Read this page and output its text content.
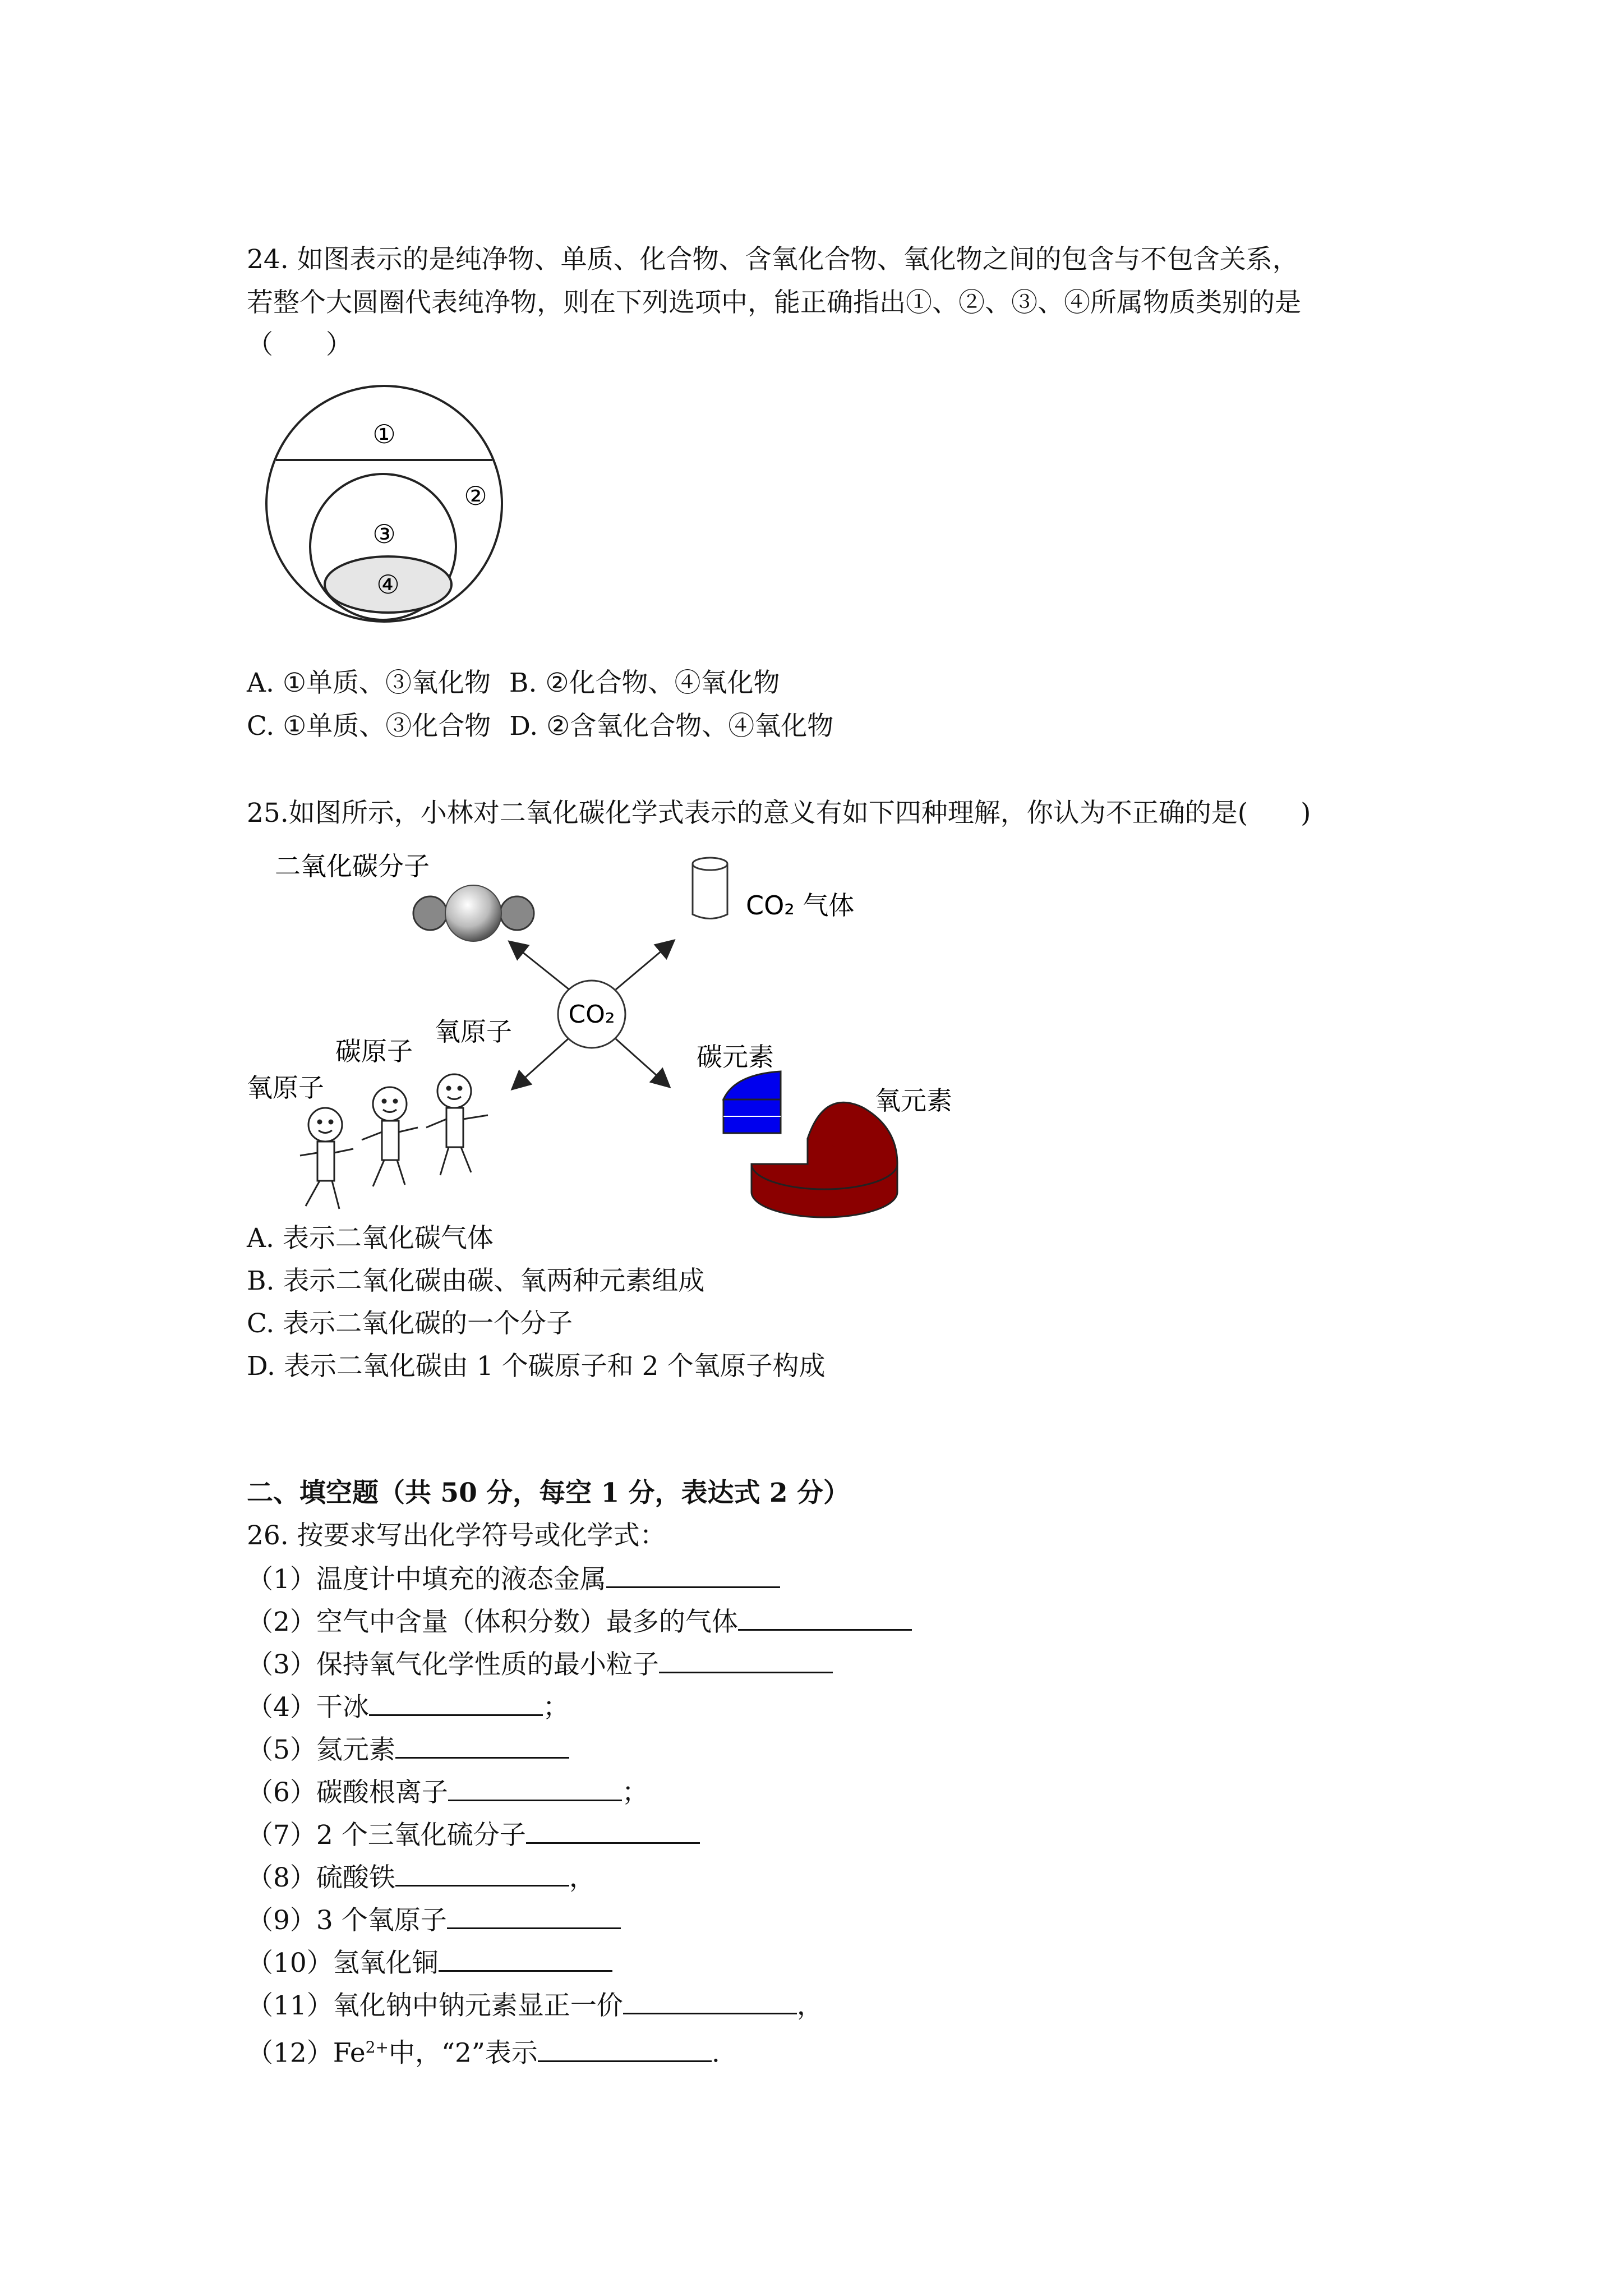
24. 如图表示的是纯净物、单质、化合物、含氧化合物、氧化物之间的包含与不包含关系，
若整个大圆圈代表纯净物，则在下列选项中，能正确指出①、②、③、④所属物质类别的是
（　　）
①
②
③
④
A. ①单质、③氧化物 B. ②化合物、④氧化物
C. ①单质、③化合物 D. ②含氧化合物、④氧化物
25.如图所示，小林对二氧化碳化学式表示的意义有如下四种理解，你认为不正确的是(　　)
二氧化碳分子
CO₂ 气体
CO₂
氧原子
碳原子
氧原子
碳元素
氧元素
A. 表示二氧化碳气体
B. 表示二氧化碳由碳、氧两种元素组成
C. 表示二氧化碳的一个分子
D. 表示二氧化碳由 1 个碳原子和 2 个氧原子构成
二、填空题（共 50 分，每空 1 分，表达式 2 分）
26. 按要求写出化学符号或化学式：
（1）温度计中填充的液态金属
（2）空气中含量（体积分数）最多的气体
（3）保持氧气化学性质的最小粒子
（4）干冰	；
（5）氦元素
（6）碳酸根离子	；
（7）2 个三氧化硫分子
（8）硫酸铁	，
（9）3 个氧原子
（10）氢氧化铜
（11）氧化钠中钠元素显正一价	，
$(12)Fe^{2+}$中，“2”表示	.
